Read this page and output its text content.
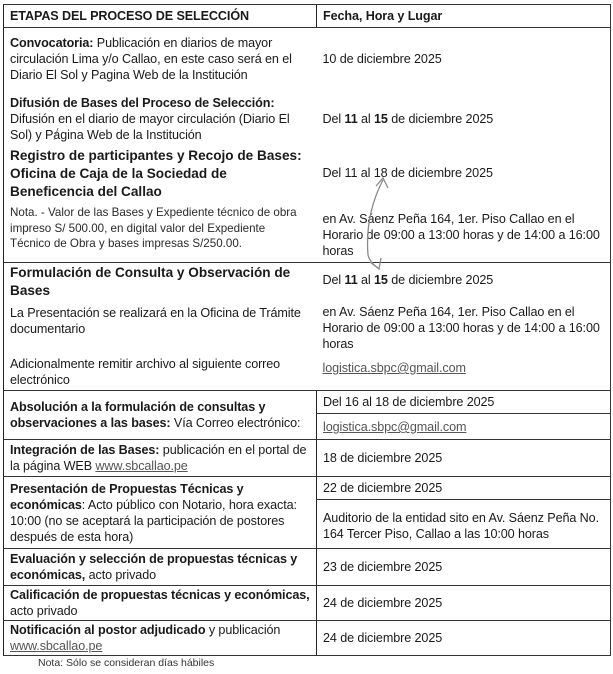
ETAPAS DEL PROCESO DE SELECCIÓN	Fecha, Hora y Lugar
Convocatoria: Publicación en diarios de mayor circulación Lima y/o Callao, en este caso será en el Diario El Sol y Pagina Web de la Institución	10 de diciembre 2025
Difusión de Bases del Proceso de Selección: Difusión en el diario de mayor circulación (Diario El Sol) y Pagina Web de la Institución	Del 11 al 15 de diciembre 2025
Registro de participantes y Recojo de Bases: Oficina de Caja de la Sociedad de Beneficencia del Callao	Del 11 al 18 de diciembre 2025
Nota. - Valor de las Bases y Expediente técnico de obra impreso S/ 500.00, en digital valor del Expediente Técnico de Obra y bases impresas S/250.00.	en Av. Sáenz Peña 164, 1er. Piso Callao en el Horario de 09:00 a 13:00 horas y de 14:00 a 16:00 horas
Formulación de Consulta y Observación de Bases	Del 11 al 15 de diciembre 2025
La Presentación se realizará en la Oficina de Trámite documentario	en Av. Sáenz Peña 164, 1er. Piso Callao en el Horario de 09:00 a 13:00 horas y de 14:00 a 16:00 horas
Adicionalmente remitir archivo al siguiente correo electrónico	logistica.sbpc@gmail.com
Absolución a la formulación de consultas y observaciones a las bases: Vía Correo electrónico:	Del 16 al 18 de diciembre 2025
	logistica.sbpc@gmail.com
Integración de las Bases: publicación en el portal de la página WEB www.sbcallao.pe	18 de diciembre 2025
Presentación de Propuestas Técnicas y económicas: Acto público con Notario, hora exacta: 10:00 (no se aceptará la participación de postores después de esta hora)	22 de diciembre 2025
	Auditorio de la entidad sito en Av. Sáenz Peña No. 164 Tercer Piso, Callao a las 10:00 horas
Evaluación y selección de propuestas técnicas y económicas, acto privado	23 de diciembre 2025
Calificación de propuestas técnicas y económicas, acto privado	24 de diciembre 2025
Notificación al postor adjudicado y publicación www.sbcallao.pe	24 de diciembre 2025
Nota: Sólo se consideran días hábiles
